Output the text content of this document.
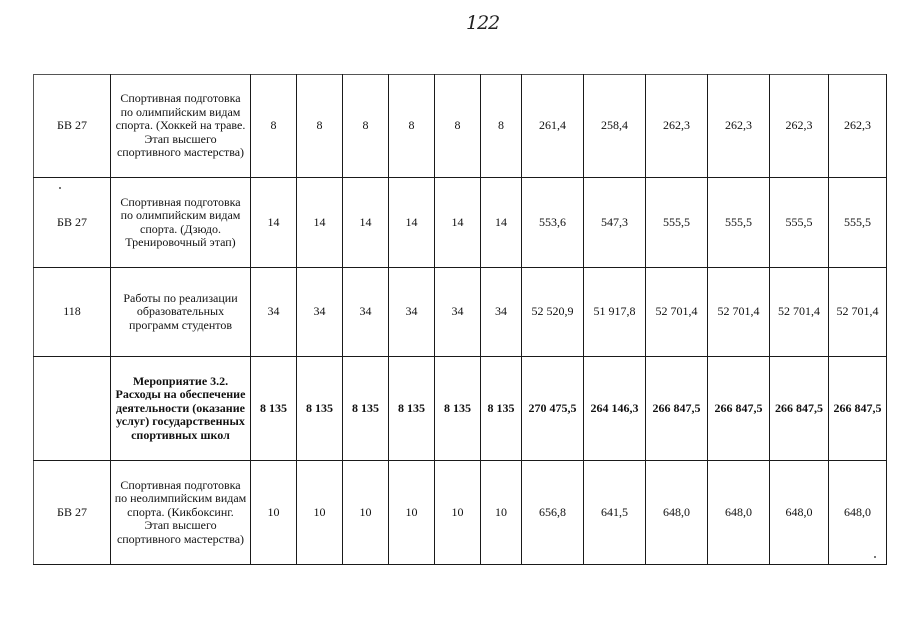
122
БВ 27	Спортивная подготовка по олимпийским видам спорта. (Хоккей на траве. Этап высшего спортивного мастерства)	8	8	8	8	8	8	261,4	258,4	262,3	262,3	262,3	262,3
БВ 27	Спортивная подготовка по олимпийским видам спорта. (Дзюдо. Тренировочный этап)	14	14	14	14	14	14	553,6	547,3	555,5	555,5	555,5	555,5
118	Работы по реализации образовательных программ студентов	34	34	34	34	34	34	52 520,9	51 917,8	52 701,4	52 701,4	52 701,4	52 701,4
	Мероприятие 3.2. Расходы на обеспечение деятельности (оказание услуг) государственных спортивных школ	8 135	8 135	8 135	8 135	8 135	8 135	270 475,5	264 146,3	266 847,5	266 847,5	266 847,5	266 847,5
БВ 27	Спортивная подготовка по неолимпийским видам спорта. (Кикбоксинг. Этап высшего спортивного мастерства)	10	10	10	10	10	10	656,8	641,5	648,0	648,0	648,0	648,0
